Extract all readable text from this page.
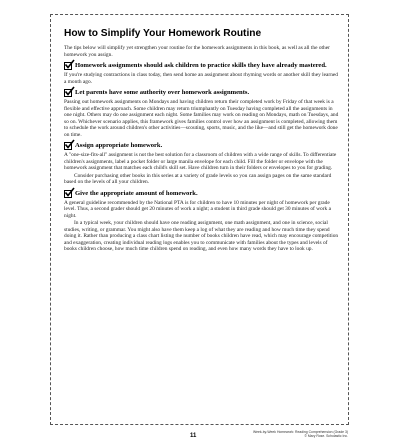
How to Simplify Your Homework Routine
The tips below will simplify yet strengthen your routine for the homework assignments in this book, as well as all the other homework you assign.
Homework assignments should ask children to practice skills they have already mastered.
If you're studying contractions in class today, then send home an assignment about rhyming words or another skill they learned a month ago.
Let parents have some authority over homework assignments.
Passing out homework assignments on Mondays and having children return their completed work by Friday of that week is a flexible and effective approach. Some children may return triumphantly on Tuesday having completed all the assignments in one night. Others may do one assignment each night. Some families may work on reading on Mondays, math on Tuesdays, and so on. Whichever scenario applies, this framework gives families control over how an assignment is completed, allowing them to schedule the work around children's other activities—scouting, sports, music, and the like—and still get the homework done on time.
Assign appropriate homework.
A "one-size-fits-all" assignment is not the best solution for a classroom of children with a wide range of skills. To differentiate children's assignments, label a pocket folder or large manila envelope for each child. Fill the folder or envelope with the homework assignment that matches each child's skill set. Have children turn in their folders or envelopes to you for grading.
Consider purchasing other books in this series at a variety of grade levels so you can assign pages on the same standard based on the levels of all your children.
Give the appropriate amount of homework.
A general guideline recommended by the National PTA is for children to have 10 minutes per night of homework per grade level. Thus, a second grader should get 20 minutes of work a night; a student in third grade should get 30 minutes of work a night.
In a typical week, your children should have one reading assignment, one math assignment, and one in science, social studies, writing, or grammar. You might also have them keep a log of what they are reading and how much time they spend doing it. Rather than producing a class chart listing the number of books children have read, which may encourage competition and exaggeration, creating individual reading logs enables you to communicate with families about the types and levels of books children choose, how much time children spend on reading, and even how many words they have to look up.
11
Week-by-Week Homework: Reading Comprehension (Grade 3)
© Mary Rose. Scholastic Inc.
